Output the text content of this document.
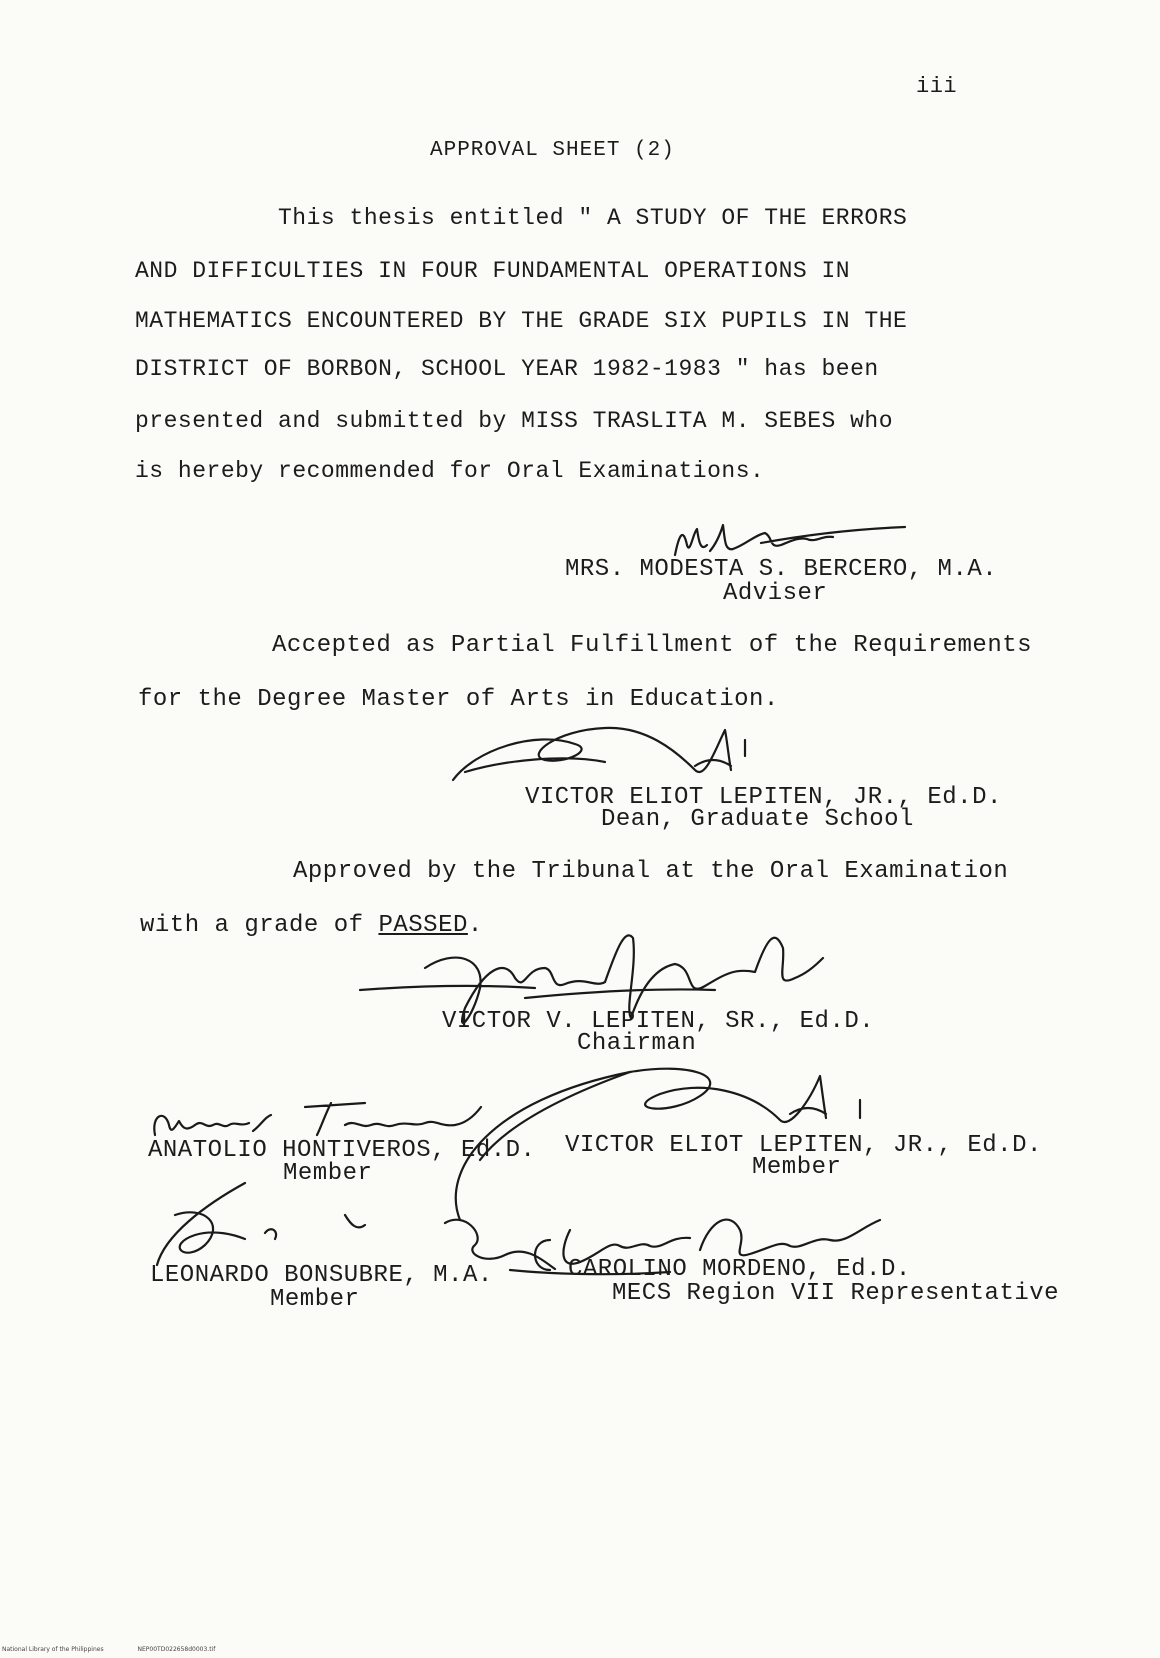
iii
APPROVAL SHEET (2)
This thesis entitled " A STUDY OF THE ERRORS
AND DIFFICULTIES IN FOUR FUNDAMENTAL OPERATIONS IN
MATHEMATICS ENCOUNTERED BY THE GRADE SIX PUPILS IN THE
DISTRICT OF BORBON, SCHOOL YEAR 1982-1983 " has been
presented and submitted by MISS TRASLITA M. SEBES who
is hereby recommended for Oral Examinations.
MRS. MODESTA S. BERCERO, M.A.
Adviser
Accepted as Partial Fulfillment of the Requirements
for the Degree Master of Arts in Education.
VICTOR ELIOT LEPITEN, JR., Ed.D.
Dean, Graduate School
Approved by the Tribunal at the Oral Examination
with a grade of PASSED.
VICTOR V. LEPITEN, SR., Ed.D.
Chairman
ANATOLIO HONTIVEROS, Ed.D.
Member
VICTOR ELIOT LEPITEN, JR., Ed.D.
Member
LEONARDO BONSUBRE, M.A.
Member
CAROLINO MORDENO, Ed.D.
MECS Region VII Representative
National Library of the Philippines	NEP00TD022658d0003.tif
